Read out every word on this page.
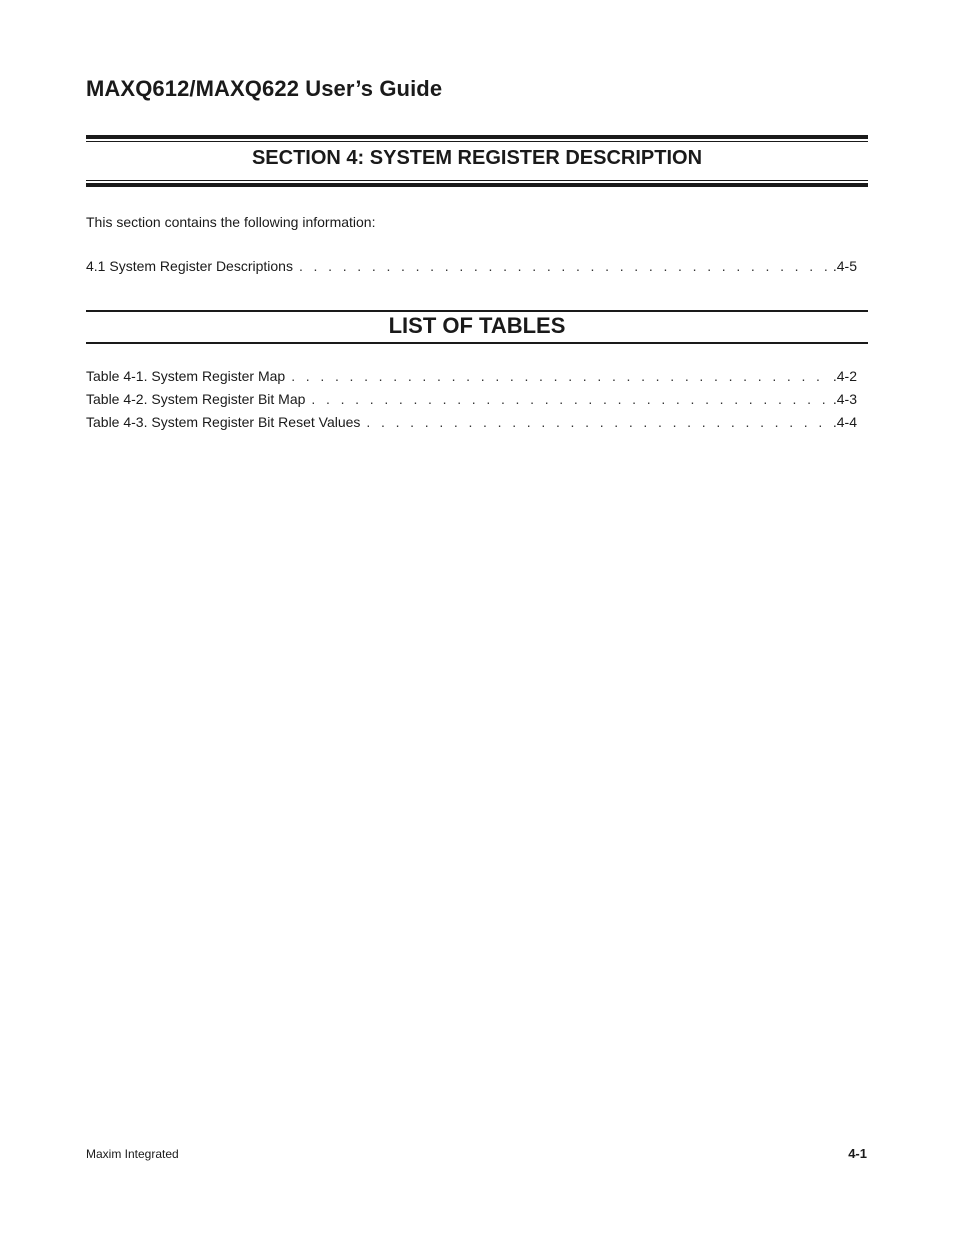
MAXQ612/MAXQ622 User’s Guide
SECTION 4: SYSTEM REGISTER DESCRIPTION

This section contains the following information:

4.1 System Register Descriptions . . .	.4-5
LIST OF TABLES
Table 4-1. System Register Map . . .	.4-2
Table 4-2. System Register Bit Map . . .	.4-3
Table 4-3. System Register Bit Reset Values . . .	.4-4
Maxim Integrated	4-1
